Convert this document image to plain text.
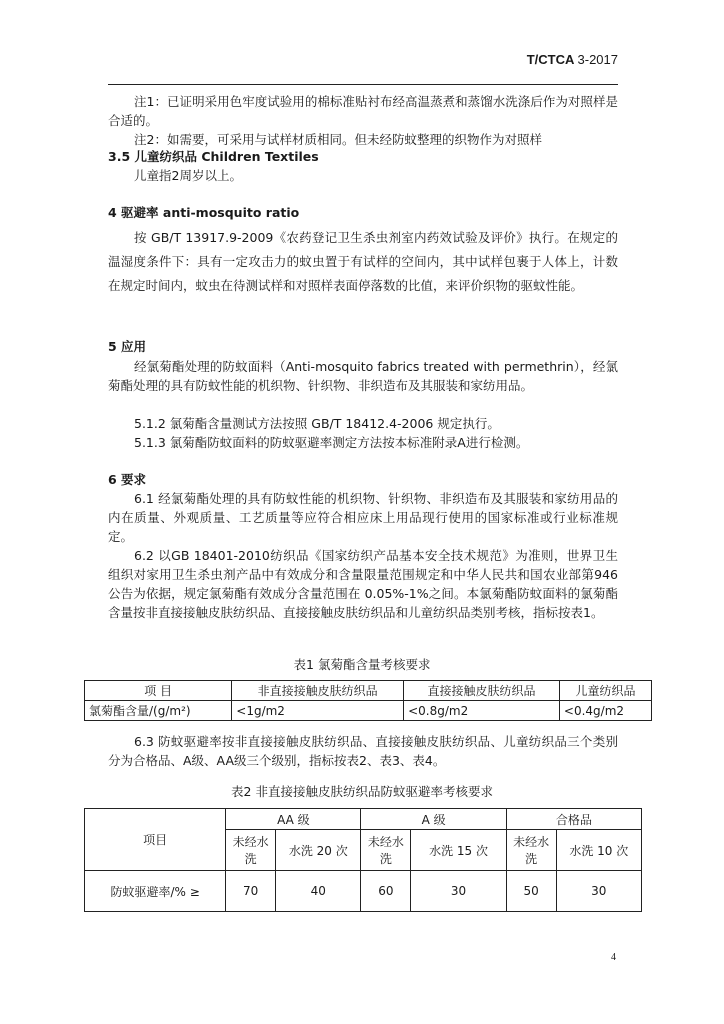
T/CTCA 3-2017
注1：已证明采用色牢度试验用的棉标准贴衬布经高温蒸煮和蒸馏水洗涤后作为对照样是合适的。
注2：如需要，可采用与试样材质相同。但未经防蚊整理的织物作为对照样
3.5 儿童纺织品 Children Textiles
儿童指2周岁以上。
4 驱避率 anti-mosquito ratio
按 GB/T 13917.9-2009《农药登记卫生杀虫剂室内药效试验及评价》执行。在规定的温湿度条件下：具有一定攻击力的蚊虫置于有试样的空间内，其中试样包裹于人体上，计数在规定时间内，蚊虫在待测试样和对照样表面停落数的比值，来评价织物的驱蚊性能。
5 应用
经氯菊酯处理的防蚊面料（Anti-mosquito fabrics treated with permethrin），经氯菊酯处理的具有防蚊性能的机织物、针织物、非织造布及其服装和家纺用品。
5.1.2 氯菊酯含量测试方法按照 GB/T 18412.4-2006 规定执行。
5.1.3 氯菊酯防蚊面料的防蚊驱避率测定方法按本标准附录A进行检测。
6 要求
6.1 经氯菊酯处理的具有防蚊性能的机织物、针织物、非织造布及其服装和家纺用品的内在质量、外观质量、工艺质量等应符合相应床上用品现行使用的国家标准或行业标准规定。
6.2 以GB 18401-2010纺织品《国家纺织产品基本安全技术规范》为准则，世界卫生组织对家用卫生杀虫剂产品中有效成分和含量限量范围规定和中华人民共和国农业部第946公告为依据，规定氯菊酯有效成分含量范围在 0.05%-1%之间。本氯菊酯防蚊面料的氯菊酯含量按非直接接触皮肤纺织品、直接接触皮肤纺织品和儿童纺织品类别考核，指标按表1。
表1 氯菊酯含量考核要求
项 目	非直接接触皮肤纺织品	直接接触皮肤纺织品	儿童纺织品
氯菊酯含量/(g/m²)	<1g/m2	<0.8g/m2	<0.4g/m2
6.3 防蚊驱避率按非直接接触皮肤纺织品、直接接触皮肤纺织品、儿童纺织品三个类别分为合格品、A级、AA级三个级别，指标按表2、表3、表4。
表2 非直接接触皮肤纺织品防蚊驱避率考核要求
项目	AA 级		A 级		合格品	
	未经水洗	水洗 20 次	未经水洗	水洗 15 次	未经水洗	水洗 10 次
防蚊驱避率/% ≥	70	40	60	30	50	30
4
